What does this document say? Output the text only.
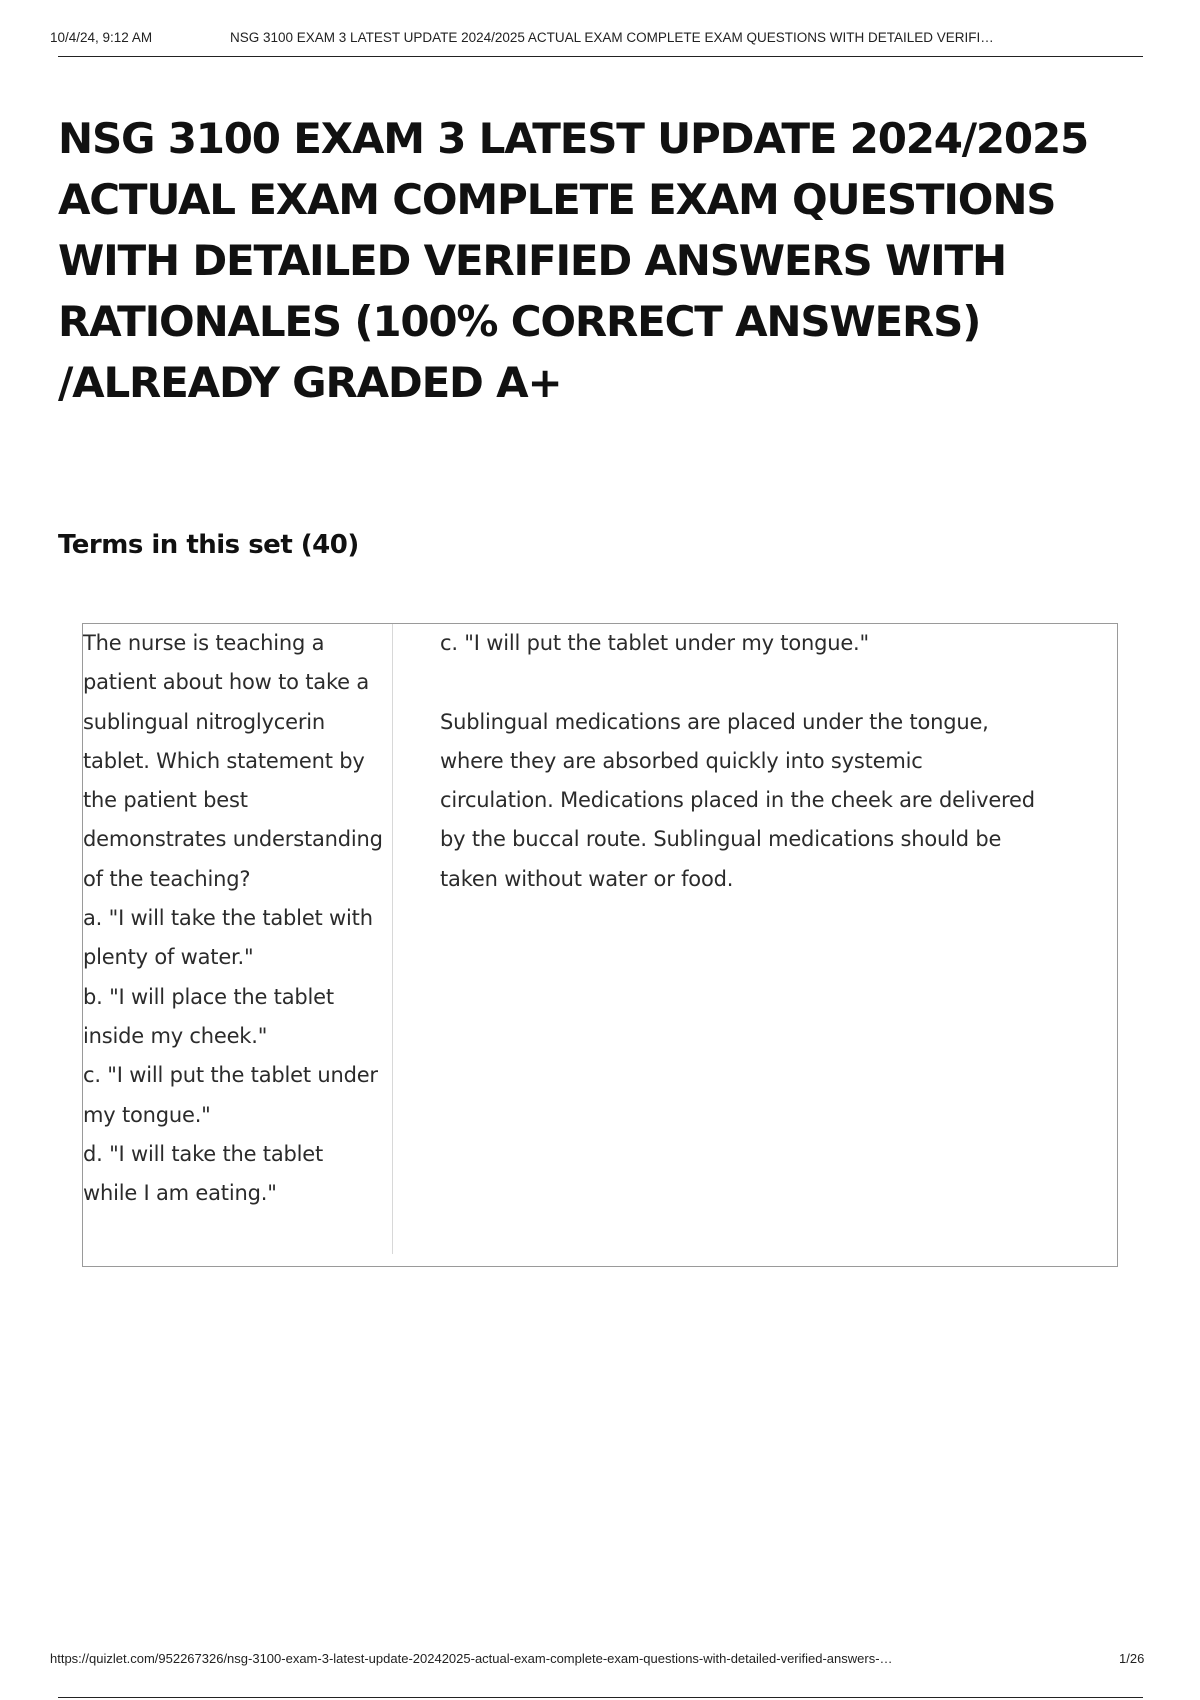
10/4/24, 9:12 AM	NSG 3100 EXAM 3 LATEST UPDATE 2024/2025 ACTUAL EXAM COMPLETE EXAM QUESTIONS WITH DETAILED VERIFI…
NSG 3100 EXAM 3 LATEST UPDATE 2024/2025 ACTUAL EXAM COMPLETE EXAM QUESTIONS WITH DETAILED VERIFIED ANSWERS WITH RATIONALES (100% CORRECT ANSWERS) /ALREADY GRADED A+
Terms in this set (40)
The nurse is teaching a patient about how to take a sublingual nitroglycerin tablet. Which statement by the patient best demonstrates understanding of the teaching?
a. "I will take the tablet with plenty of water."
b. "I will place the tablet inside my cheek."
c. "I will put the tablet under my tongue."
d. "I will take the tablet while I am eating."
c. "I will put the tablet under my tongue."

Sublingual medications are placed under the tongue, where they are absorbed quickly into systemic circulation. Medications placed in the cheek are delivered by the buccal route. Sublingual medications should be taken without water or food.
https://quizlet.com/952267326/nsg-3100-exam-3-latest-update-20242025-actual-exam-complete-exam-questions-with-detailed-verified-answers-…	1/26
